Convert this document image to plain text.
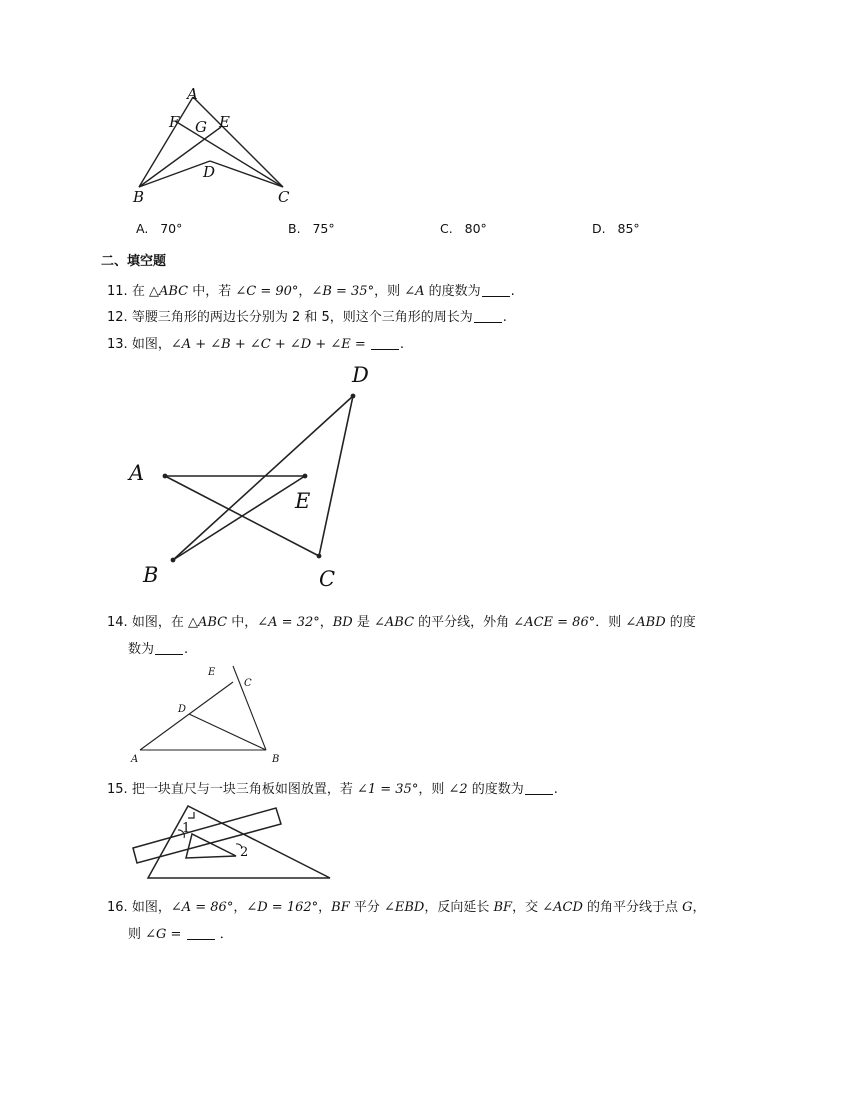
A
F G E
D
B	C
A. 70°	B. 75°	C. 80°	D. 85°
二、填空题
11. 在 △ABC 中，若 ∠C = 90°，∠B = 35°，则 ∠A 的度数为 .
12. 等腰三角形的两边长分别为 2 和 5，则这个三角形的周长为 .
13. 如图，∠A + ∠B + ∠C + ∠D + ∠E =	.
A
B	C
D
E
14. 如图，在 △ABC 中，∠A = 32°，BD 是 ∠ABC 的平分线，外角 ∠ACE = 86°．则 ∠ABD 的度
数为 .
E
C
D
A	B
15. 把一块直尺与一块三角板如图放置，若 ∠1 = 35°，则 ∠2 的度数为 .
1
2
16. 如图，∠A = 86°，∠D = 162°，BF 平分 ∠EBD，反向延长 BF，交 ∠ACD 的角平分线于点 G，
则 ∠G =	．
